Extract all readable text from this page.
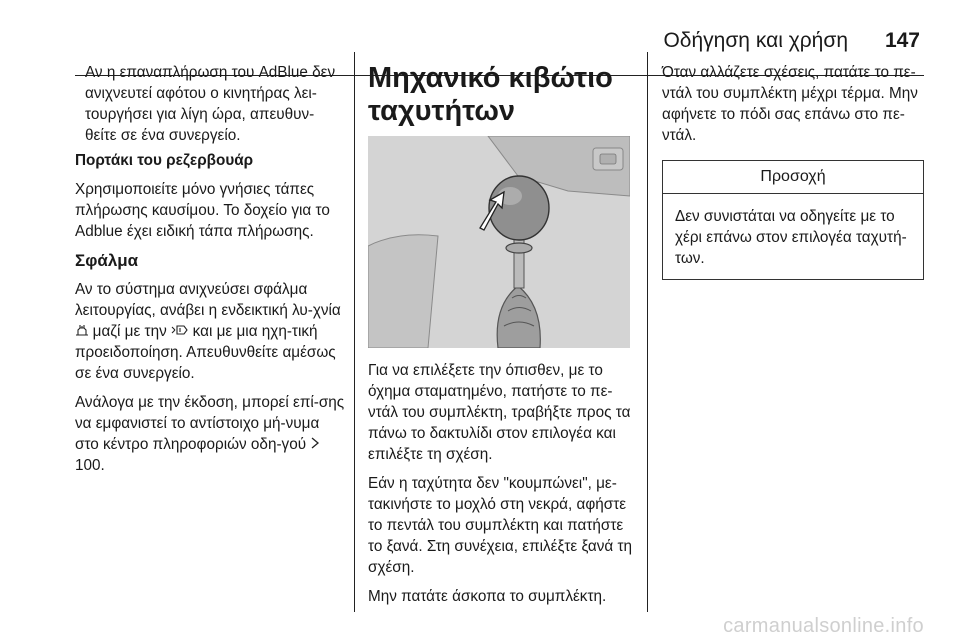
Οδήγηση και χρήση 147

Αν η επαναπλήρωση του AdBlue δεν ανιχνευτεί αφότου ο κινητήρας λει-τουργήσει για λίγη ώρα, απευθυν-θείτε σε ένα συνεργείο.

Πορτάκι του ρεζερβουάρ

Χρησιμοποιείτε μόνο γνήσιες τάπες πλήρωσης καυσίμου. Το δοχείο για το Adblue έχει ειδική τάπα πλήρωσης.

Σφάλμα

Αν το σύστημα ανιχνεύσει σφάλμα λειτουργίας, ανάβει η ενδεικτική λυ-χνία  μαζί με την και με μια ηχη-τική προειδοποίηση. Απευθυνθείτε αμέσως σε ένα συνεργείο.

Ανάλογα με την έκδοση, μπορεί επί-σης να εμφανιστεί το αντίστοιχο μή-νυμα στο κέντρο πληροφοριών οδη-γού  100.

Μηχανικό κιβώτιο ταχυτήτων

Για να επιλέξετε την όπισθεν, με το όχημα σταματημένο, πατήστε το πε-ντάλ του συμπλέκτη, τραβήξτε προς τα πάνω το δακτυλίδι στον επιλογέα και επιλέξτε τη σχέση.

Εάν η ταχύτητα δεν "κουμπώνει", με-τακινήστε το μοχλό στη νεκρά, αφήστε το πεντάλ του συμπλέκτη και πατήστε το ξανά. Στη συνέχεια, επιλέξτε ξανά τη σχέση.

Μην πατάτε άσκοπα το συμπλέκτη.

Όταν αλλάζετε σχέσεις, πατάτε το πε-ντάλ του συμπλέκτη μέχρι τέρμα. Μην αφήνετε το πόδι σας επάνω στο πε-ντάλ.

Προσοχή
Δεν συνιστάται να οδηγείτε με το χέρι επάνω στον επιλογέα ταχυτή-των.
carmanualsonline.info
